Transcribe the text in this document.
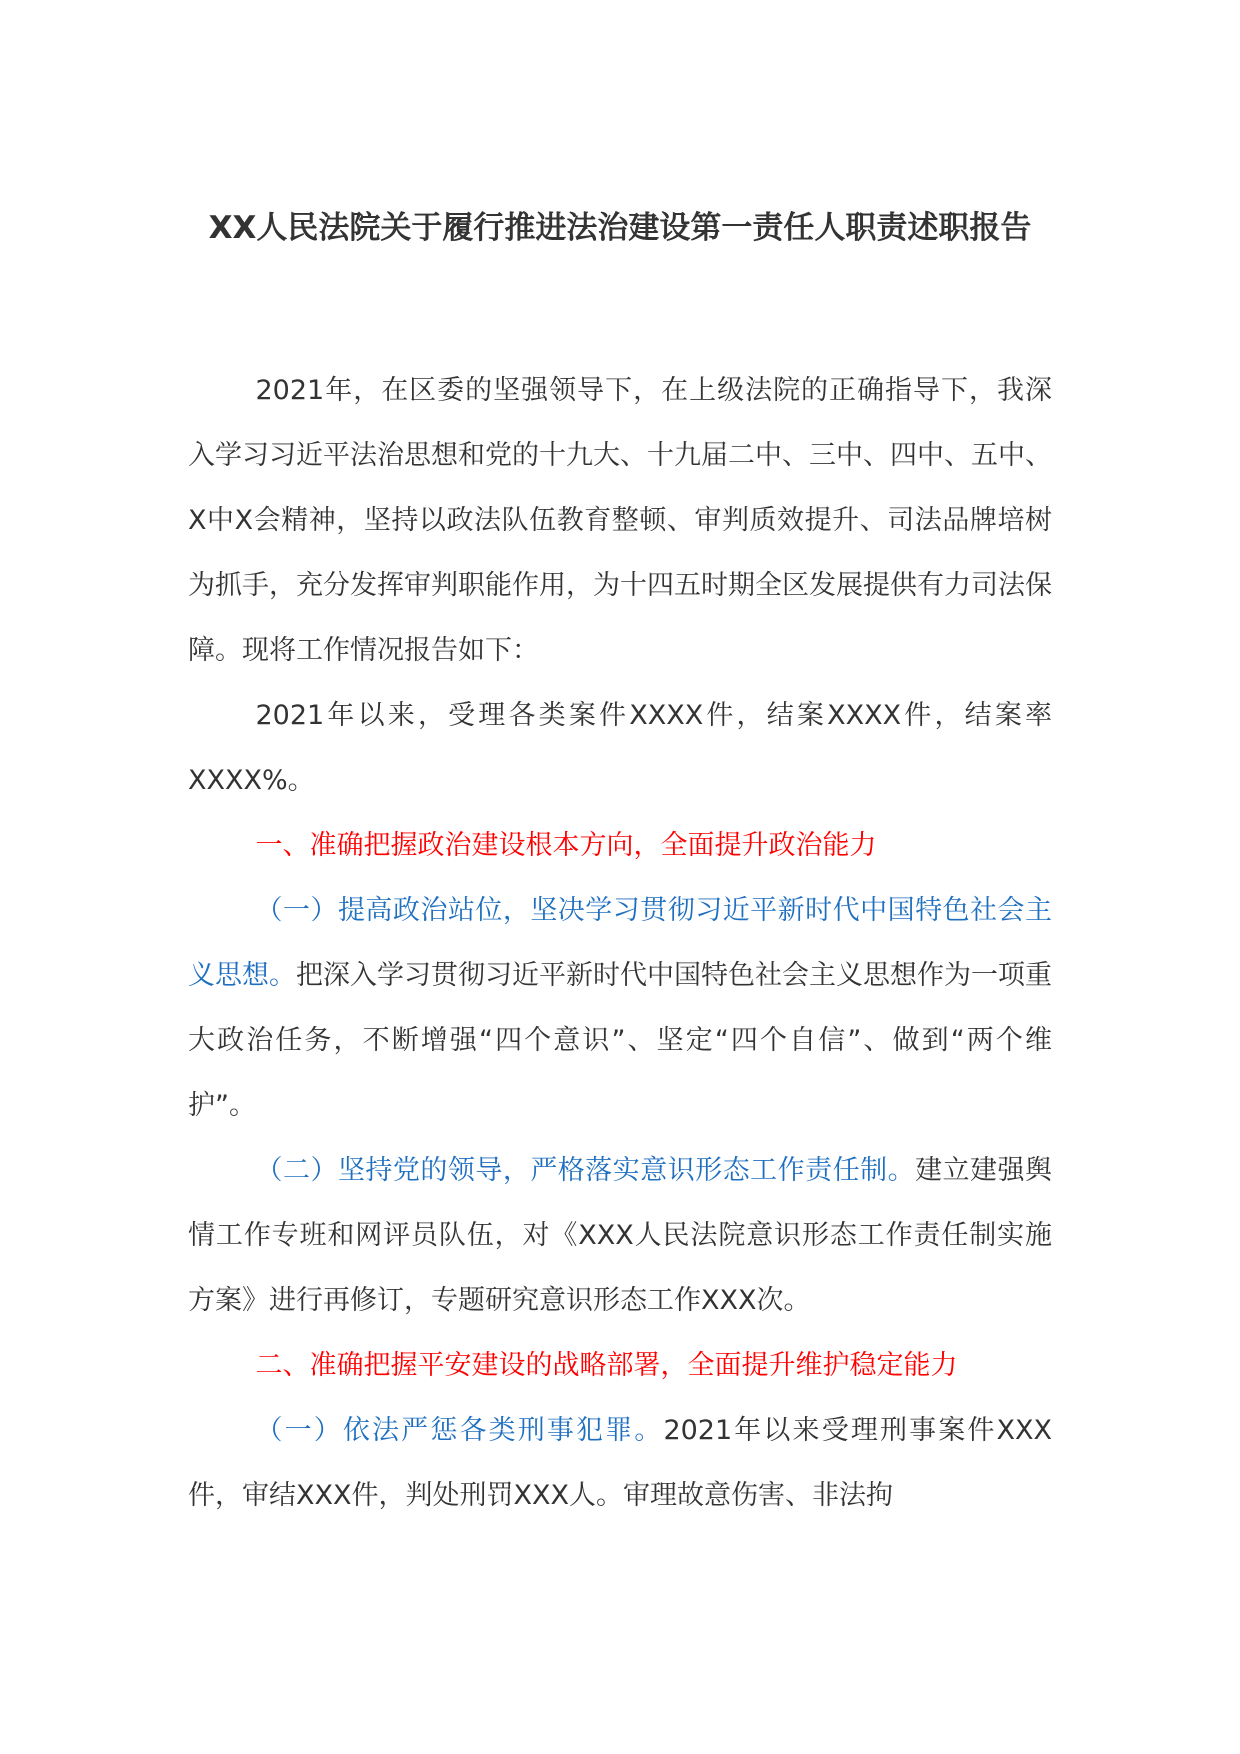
XX人民法院关于履行推进法治建设第一责任人职责述职报告

2021年，在区委的坚强领导下，在上级法院的正确指导下，我深入学习习近平法治思想和党的十九大、十九届二中、三中、四中、五中、X中X会精神，坚持以政法队伍教育整顿、审判质效提升、司法品牌培树为抓手，充分发挥审判职能作用，为十四五时期全区发展提供有力司法保障。现将工作情况报告如下：

2021年以来，受理各类案件XXXX件，结案XXXX件，结案率XXXX%。

一、准确把握政治建设根本方向，全面提升政治能力

（一）提高政治站位，坚决学习贯彻习近平新时代中国特色社会主义思想。把深入学习贯彻习近平新时代中国特色社会主义思想作为一项重大政治任务，不断增强“四个意识”、坚定“四个自信”、做到“两个维护”。

（二）坚持党的领导，严格落实意识形态工作责任制。建立建强舆情工作专班和网评员队伍，对《XXX人民法院意识形态工作责任制实施方案》进行再修订，专题研究意识形态工作XXX次。

二、准确把握平安建设的战略部署，全面提升维护稳定能力

（一）依法严惩各类刑事犯罪。2021年以来受理刑事案件XXX件，审结XXX件，判处刑罚XXX人。审理故意伤害、非法拘
